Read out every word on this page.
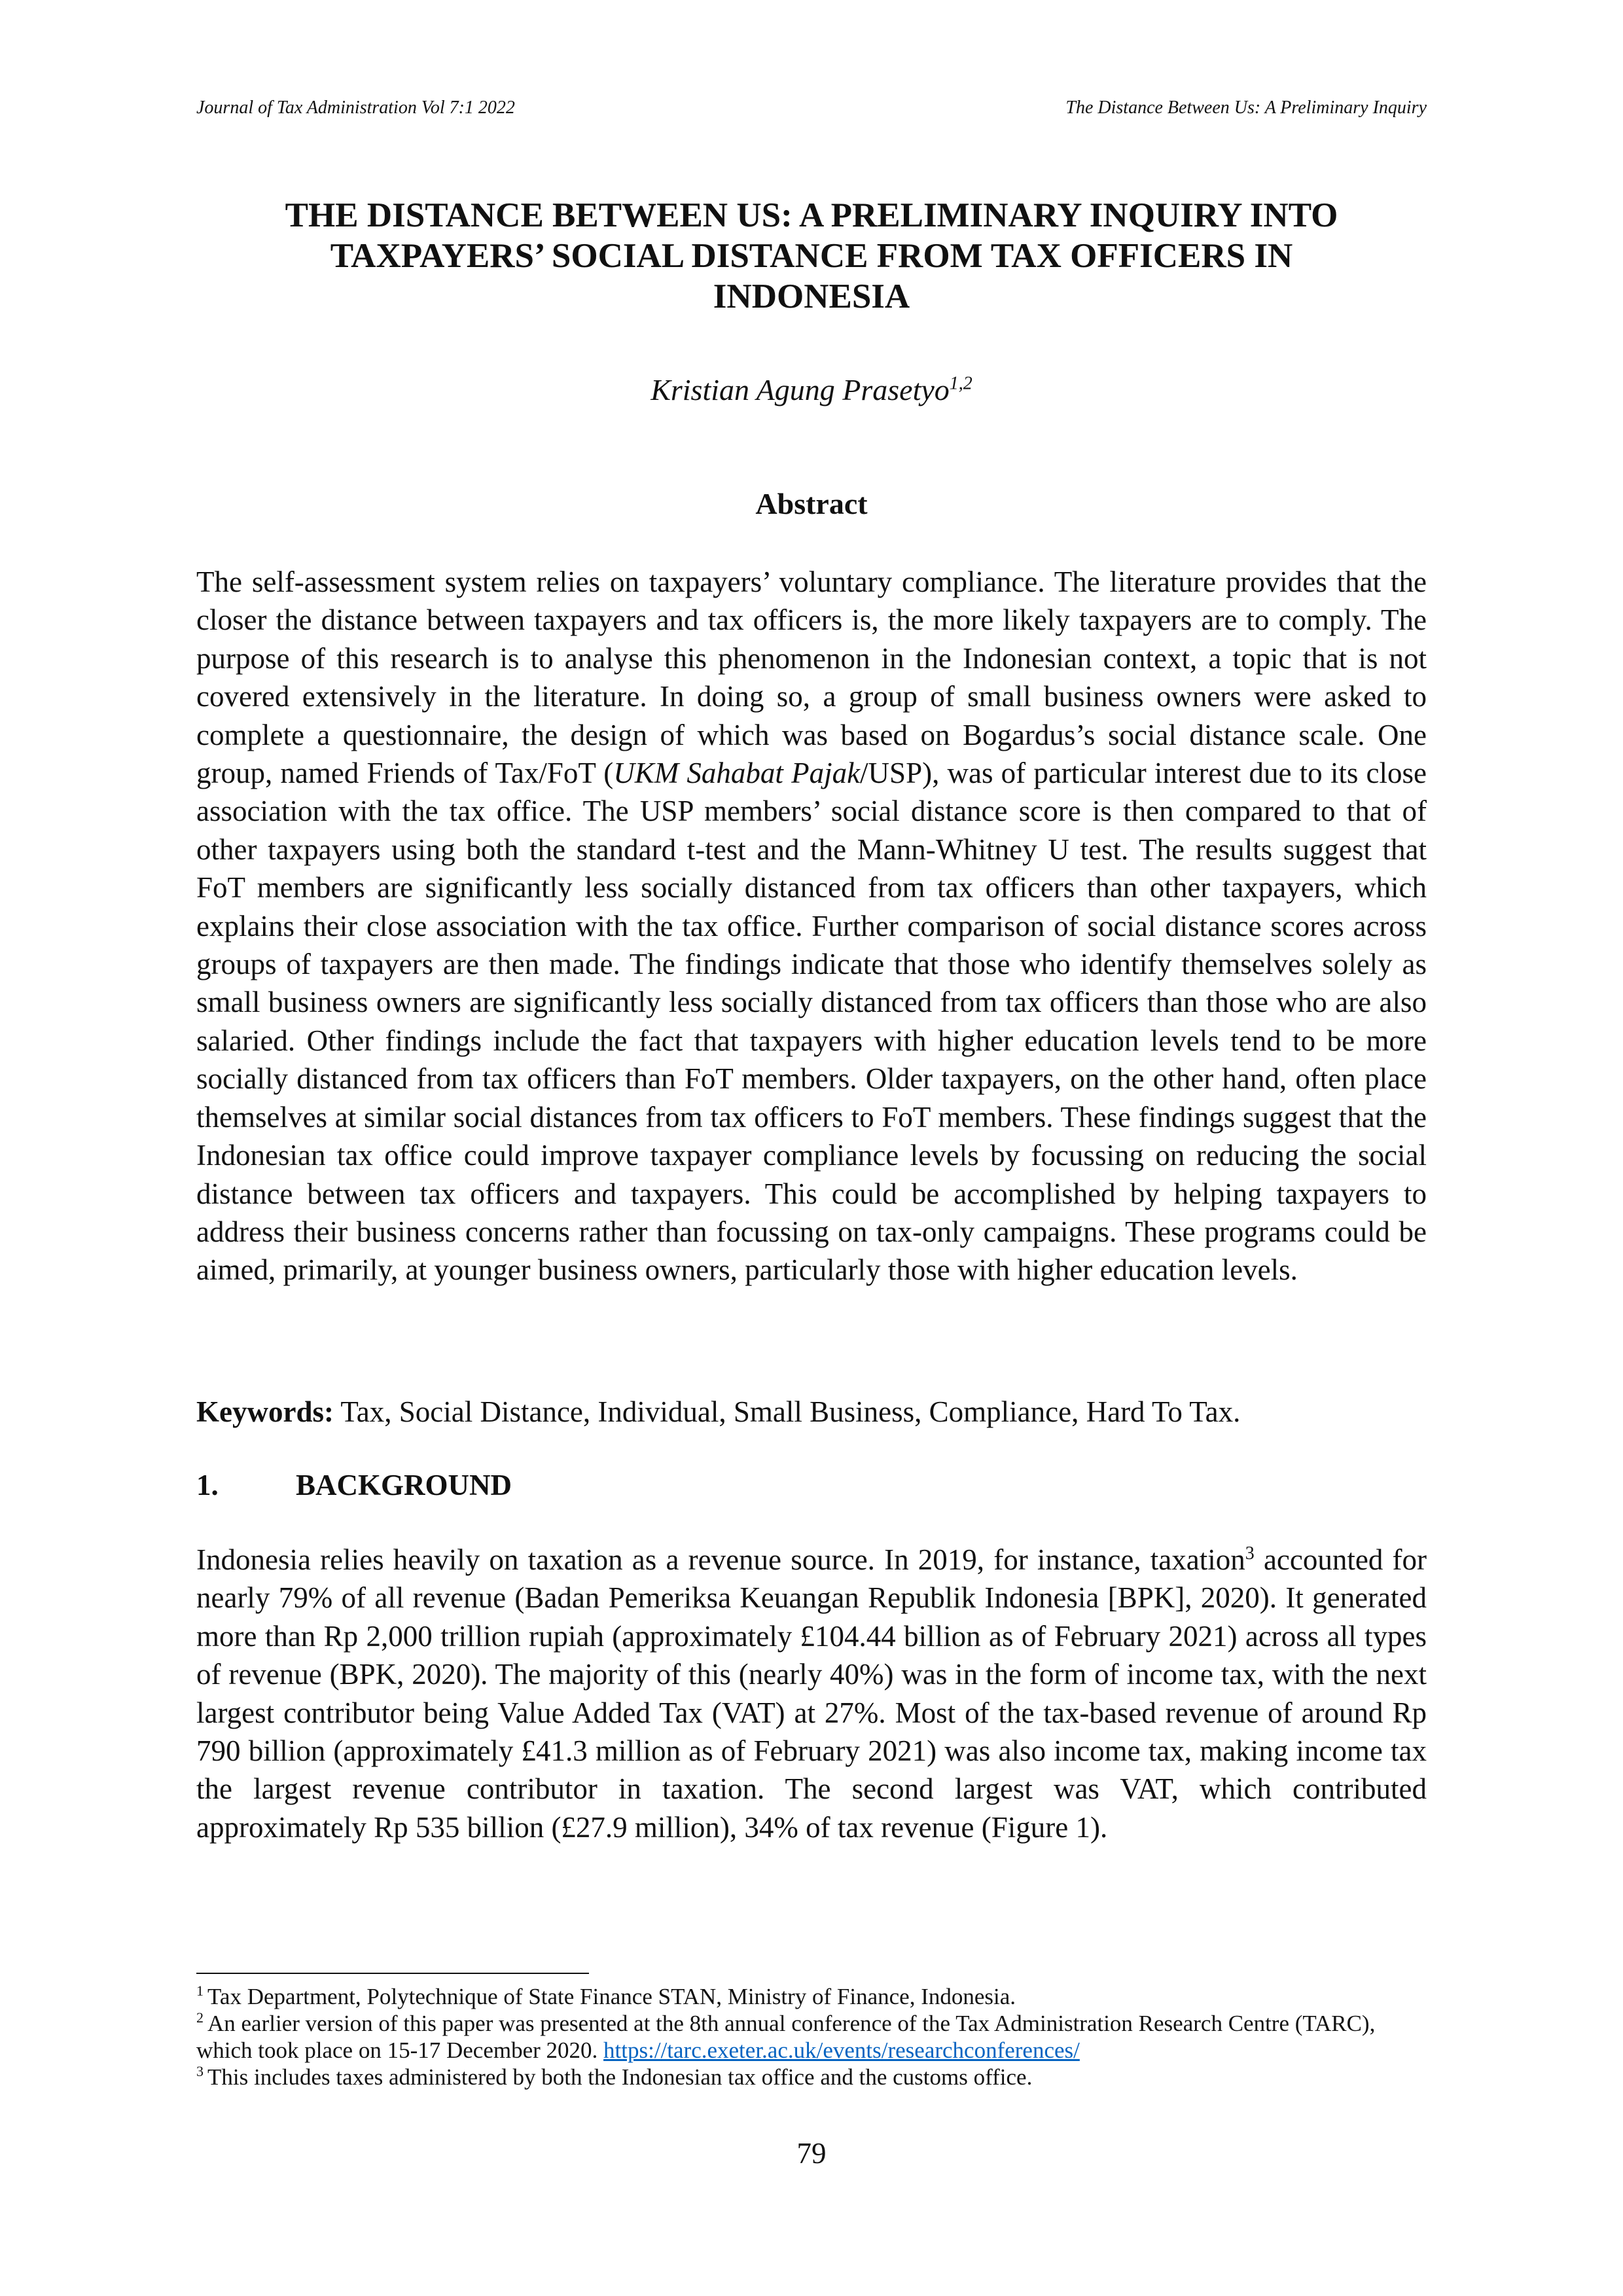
Journal of Tax Administration Vol 7:1 2022	The Distance Between Us: A Preliminary Inquiry
THE DISTANCE BETWEEN US: A PRELIMINARY INQUIRY INTO
TAXPAYERS’ SOCIAL DISTANCE FROM TAX OFFICERS IN
INDONESIA
Kristian Agung Prasetyo$^{1,2}$
Abstract

The self-assessment system relies on taxpayers’ voluntary compliance. The literature provides that the closer the distance between taxpayers and tax officers is, the more likely taxpayers are to comply. The purpose of this research is to analyse this phenomenon in the Indonesian context, a topic that is not covered extensively in the literature. In doing so, a group of small business owners were asked to complete a questionnaire, the design of which was based on Bogardus’s social distance scale. One group, named Friends of Tax/FoT (UKM Sahabat Pajak/USP), was of particular interest due to its close association with the tax office. The USP members’ social distance score is then compared to that of other taxpayers using both the standard t-test and the Mann-Whitney U test. The results suggest that FoT members are significantly less socially distanced from tax officers than other taxpayers, which explains their close association with the tax office. Further comparison of social distance scores across groups of taxpayers are then made. The findings indicate that those who identify themselves solely as small business owners are significantly less socially distanced from tax officers than those who are also salaried. Other findings include the fact that taxpayers with higher education levels tend to be more socially distanced from tax officers than FoT members. Older taxpayers, on the other hand, often place themselves at similar social distances from tax officers to FoT members. These findings suggest that the Indonesian tax office could improve taxpayer compliance levels by focussing on reducing the social distance between tax officers and taxpayers. This could be accomplished by helping taxpayers to address their business concerns rather than focussing on tax-only campaigns. These programs could be aimed, primarily, at younger business owners, particularly those with higher education levels.

Keywords: Tax, Social Distance, Individual, Small Business, Compliance, Hard To Tax.

1.	BACKGROUND

Indonesia relies heavily on taxation as a revenue source. In 2019, for instance, taxation$^3$ accounted for nearly 79% of all revenue (Badan Pemeriksa Keuangan Republik Indonesia [BPK], 2020). It generated more than Rp 2,000 trillion rupiah (approximately £104.44 billion as of February 2021) across all types of revenue (BPK, 2020). The majority of this (nearly 40%) was in the form of income tax, with the next largest contributor being Value Added Tax (VAT) at 27%. Most of the tax-based revenue of around Rp 790 billion (approximately £41.3 million as of February 2021) was also income tax, making income tax the largest revenue contributor in taxation. The second largest was VAT, which contributed approximately Rp 535 billion (£27.9 million), 34% of tax revenue (Figure 1).

$^1$ Tax Department, Polytechnique of State Finance STAN, Ministry of Finance, Indonesia.

$^2$ An earlier version of this paper was presented at the 8th annual conference of the Tax Administration Research Centre (TARC), which took place on 15-17 December 2020. https://tarc.exeter.ac.uk/events/researchconferences/

$^3$ This includes taxes administered by both the Indonesian tax office and the customs office.

79
